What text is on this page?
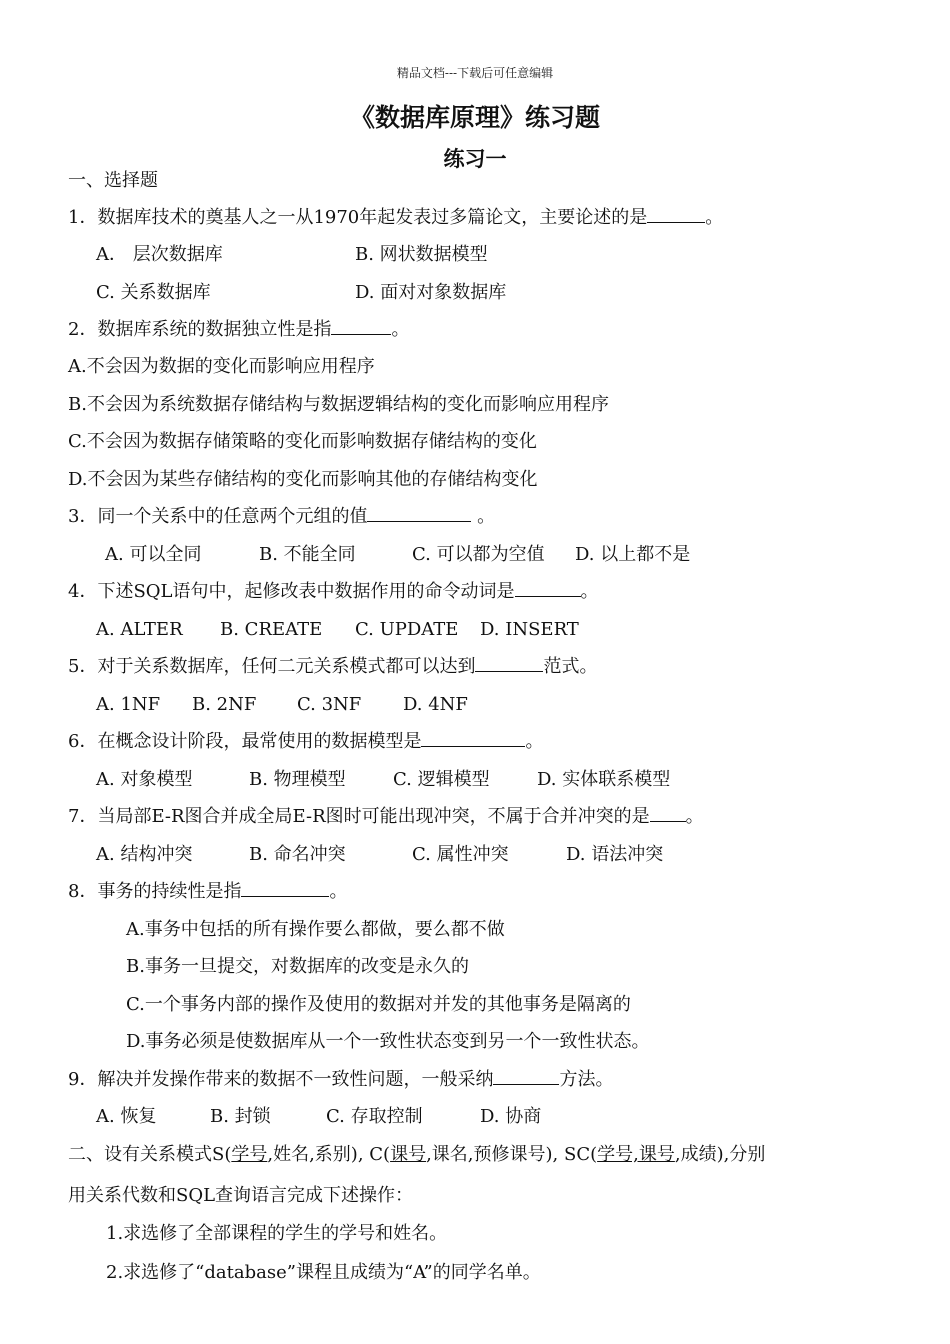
精品文档---下载后可任意编辑
《数据库原理》练习题
练习一
一、选择题
1．数据库技术的奠基人之一从1970年起发表过多篇论文，主要论述的是	。
A． 层次数据库	B. 网状数据模型
C. 关系数据库	D. 面对对象数据库
2．数据库系统的数据独立性是指	。
A.不会因为数据的变化而影响应用程序
B.不会因为系统数据存储结构与数据逻辑结构的变化而影响应用程序
C.不会因为数据存储策略的变化而影响数据存储结构的变化
D.不会因为某些存储结构的变化而影响其他的存储结构变化
3．同一个关系中的任意两个元组的值	。
A. 可以全同	B. 不能全同	C. 可以都为空值 D. 以上都不是
4．下述SQL语句中，起修改表中数据作用的命令动词是	。
A. ALTER B. CREATE C. UPDATE D. INSERT
5．对于关系数据库，任何二元关系模式都可以达到	范式。
A. 1NF B. 2NF C. 3NF D. 4NF
6．在概念设计阶段，最常使用的数据模型是	。
A. 对象模型	B. 物理模型	C. 逻辑模型	D. 实体联系模型
7．当局部E-R图合并成全局E-R图时可能出现冲突，不属于合并冲突的是 。
A. 结构冲突	B. 命名冲突	C. 属性冲突	D. 语法冲突
8．事务的持续性是指	。
A.事务中包括的所有操作要么都做，要么都不做
B.事务一旦提交，对数据库的改变是永久的
C.一个事务内部的操作及使用的数据对并发的其他事务是隔离的
D.事务必须是使数据库从一个一致性状态变到另一个一致性状态。
9．解决并发操作带来的数据不一致性问题，一般采纳	方法。
A. 恢复	B. 封锁	C. 存取控制	D. 协商
二、设有关系模式S(学号,姓名,系别), C(课号,课名,预修课号), SC(学号,课号,成绩),分别
用关系代数和SQL查询语言完成下述操作：
1.求选修了全部课程的学生的学号和姓名。
2.求选修了“database”课程且成绩为“A”的同学名单。
